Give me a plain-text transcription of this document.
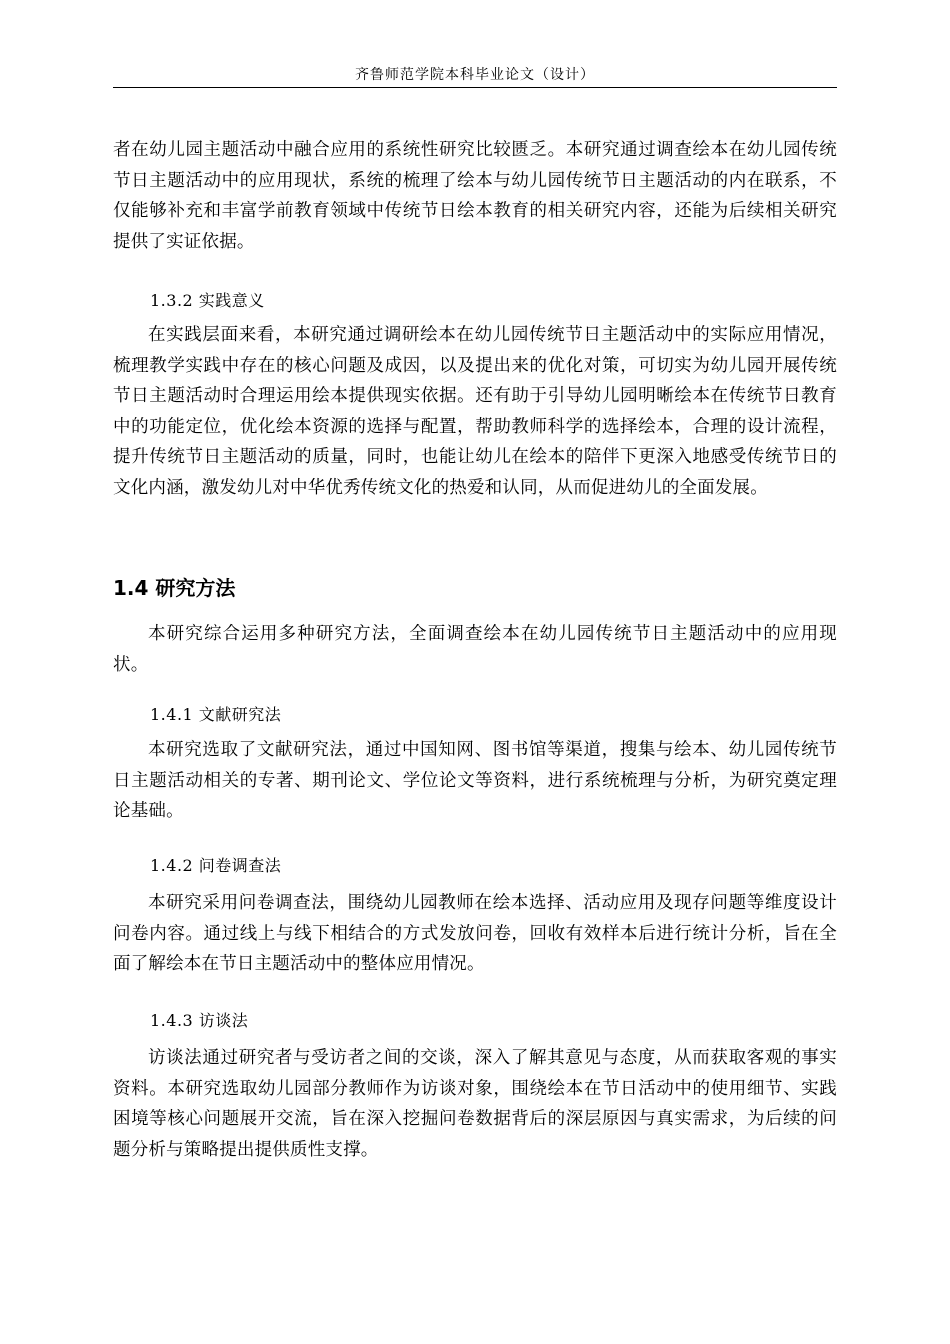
齐鲁师范学院本科毕业论文（设计）

者在幼儿园主题活动中融合应用的系统性研究比较匮乏。本研究通过调查绘本在幼儿园传统节日主题活动中的应用现状，系统的梳理了绘本与幼儿园传统节日主题活动的内在联系，不仅能够补充和丰富学前教育领域中传统节日绘本教育的相关研究内容，还能为后续相关研究提供了实证依据。

1.3.2 实践意义

在实践层面来看，本研究通过调研绘本在幼儿园传统节日主题活动中的实际应用情况，梳理教学实践中存在的核心问题及成因，以及提出来的优化对策，可切实为幼儿园开展传统节日主题活动时合理运用绘本提供现实依据。还有助于引导幼儿园明晰绘本在传统节日教育中的功能定位，优化绘本资源的选择与配置，帮助教师科学的选择绘本，合理的设计流程，提升传统节日主题活动的质量，同时，也能让幼儿在绘本的陪伴下更深入地感受传统节日的文化内涵，激发幼儿对中华优秀传统文化的热爱和认同，从而促进幼儿的全面发展。

1.4 研究方法

本研究综合运用多种研究方法，全面调查绘本在幼儿园传统节日主题活动中的应用现状。

1.4.1 文献研究法

本研究选取了文献研究法，通过中国知网、图书馆等渠道，搜集与绘本、幼儿园传统节日主题活动相关的专著、期刊论文、学位论文等资料，进行系统梳理与分析，为研究奠定理论基础。

1.4.2 问卷调查法

本研究采用问卷调查法，围绕幼儿园教师在绘本选择、活动应用及现存问题等维度设计问卷内容。通过线上与线下相结合的方式发放问卷，回收有效样本后进行统计分析，旨在全面了解绘本在节日主题活动中的整体应用情况。

1.4.3 访谈法

访谈法通过研究者与受访者之间的交谈，深入了解其意见与态度，从而获取客观的事实资料。本研究选取幼儿园部分教师作为访谈对象，围绕绘本在节日活动中的使用细节、实践困境等核心问题展开交流，旨在深入挖掘问卷数据背后的深层原因与真实需求，为后续的问题分析与策略提出提供质性支撑。
